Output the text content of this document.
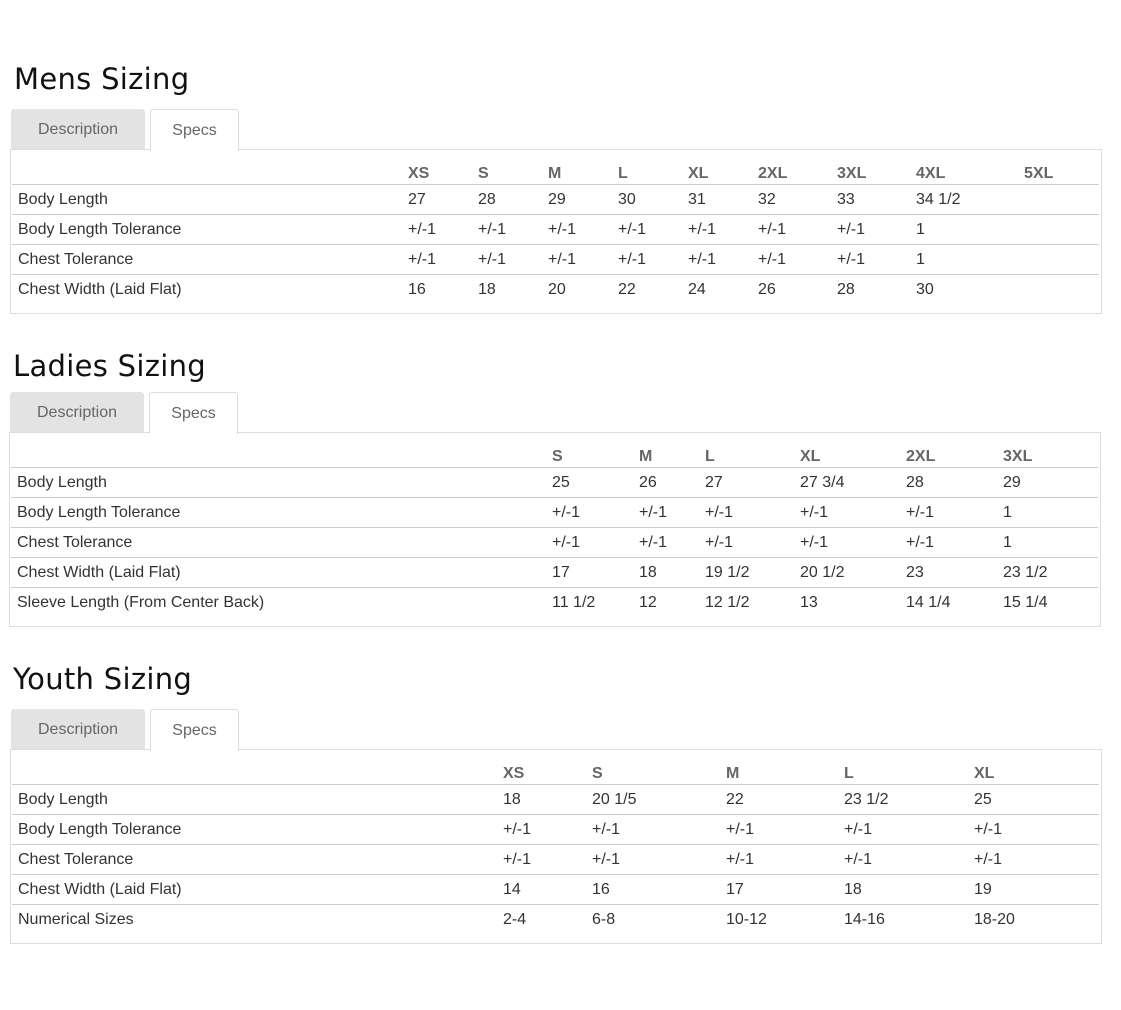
Mens Sizing
Description	Specs
	XS	S	M	L	XL	2XL	3XL	4XL	5XL
Body Length	27	28	29	30	31	32	33	34 1/2	
Body Length Tolerance	+/-1	+/-1	+/-1	+/-1	+/-1	+/-1	+/-1	1	
Chest Tolerance	+/-1	+/-1	+/-1	+/-1	+/-1	+/-1	+/-1	1	
Chest Width (Laid Flat)	16	18	20	22	24	26	28	30	
Ladies Sizing
Description	Specs
	S	M	L	XL	2XL	3XL
Body Length	25	26	27	27 3/4	28	29
Body Length Tolerance	+/-1	+/-1	+/-1	+/-1	+/-1	1
Chest Tolerance	+/-1	+/-1	+/-1	+/-1	+/-1	1
Chest Width (Laid Flat)	17	18	19 1/2	20 1/2	23	23 1/2
Sleeve Length (From Center Back)	11 1/2	12	12 1/2	13	14 1/4	15 1/4
Youth Sizing
Description	Specs
	XS	S	M	L	XL
Body Length	18	20 1/5	22	23 1/2	25
Body Length Tolerance	+/-1	+/-1	+/-1	+/-1	+/-1
Chest Tolerance	+/-1	+/-1	+/-1	+/-1	+/-1
Chest Width (Laid Flat)	14	16	17	18	19
Numerical Sizes	2-4	6-8	10-12	14-16	18-20
